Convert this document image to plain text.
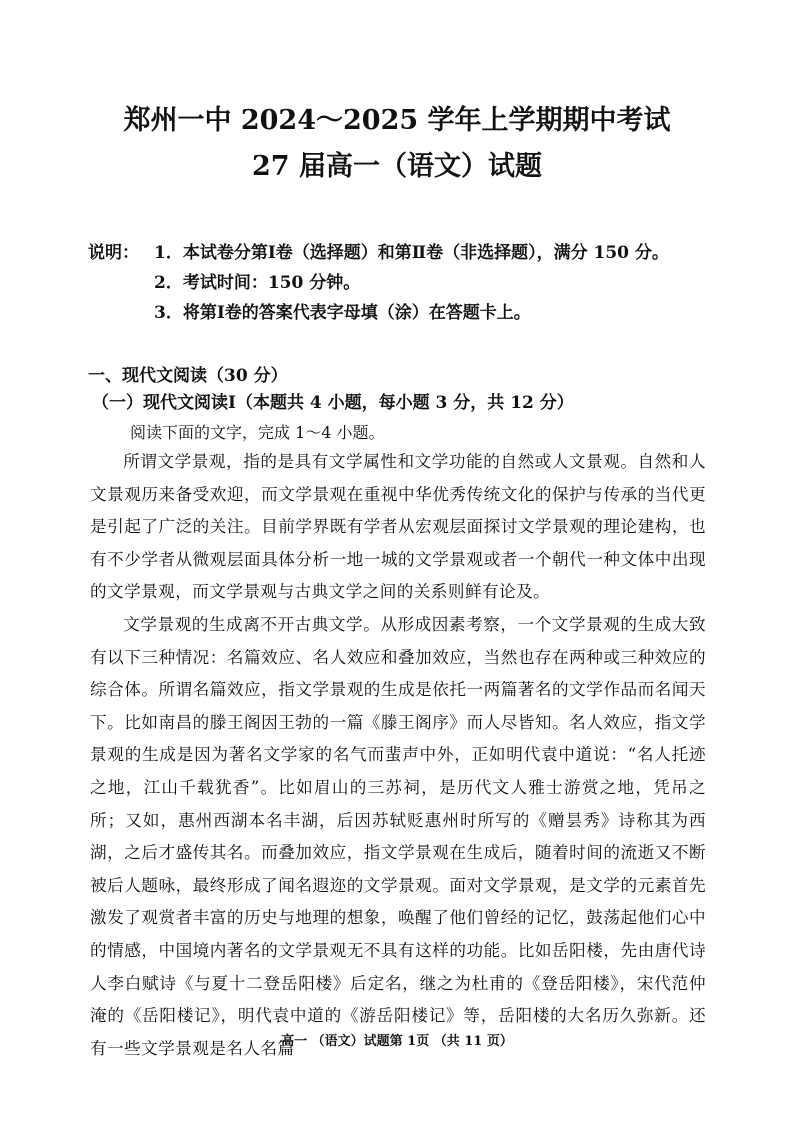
郑州一中 2024～2025 学年上学期期中考试
27 届高一（语文）试题
说明： 1．本试卷分第Ⅰ卷（选择题）和第Ⅱ卷（非选择题），满分 150 分。
2．考试时间：150 分钟。
3．将第Ⅰ卷的答案代表字母填（涂）在答题卡上。
一、现代文阅读（30 分）
（一）现代文阅读Ⅰ（本题共 4 小题，每小题 3 分，共 12 分）
阅读下面的文字，完成 1～4 小题。

所谓文学景观，指的是具有文学属性和文学功能的自然或人文景观。自然和人文景观历来备受欢迎，而文学景观在重视中华优秀传统文化的保护与传承的当代更是引起了广泛的关注。目前学界既有学者从宏观层面探讨文学景观的理论建构，也有不少学者从微观层面具体分析一地一城的文学景观或者一个朝代一种文体中出现的文学景观，而文学景观与古典文学之间的关系则鲜有论及。

文学景观的生成离不开古典文学。从形成因素考察，一个文学景观的生成大致有以下三种情况：名篇效应、名人效应和叠加效应，当然也存在两种或三种效应的综合体。所谓名篇效应，指文学景观的生成是依托一两篇著名的文学作品而名闻天下。比如南昌的滕王阁因王勃的一篇《滕王阁序》而人尽皆知。名人效应，指文学景观的生成是因为著名文学家的名气而蜚声中外，正如明代袁中道说：“名人托迹之地，江山千载犹香”。比如眉山的三苏祠，是历代文人雅士游赏之地，凭吊之所；又如，惠州西湖本名丰湖，后因苏轼贬惠州时所写的《赠昙秀》诗称其为西湖，之后才盛传其名。而叠加效应，指文学景观在生成后，随着时间的流逝又不断被后人题咏，最终形成了闻名遐迩的文学景观。面对文学景观，是文学的元素首先激发了观赏者丰富的历史与地理的想象，唤醒了他们曾经的记忆，鼓荡起他们心中的情感，中国境内著名的文学景观无不具有这样的功能。比如岳阳楼，先由唐代诗人李白赋诗《与夏十二登岳阳楼》后定名，继之为杜甫的《登岳阳楼》，宋代范仲淹的《岳阳楼记》，明代袁中道的《游岳阳楼记》等，岳阳楼的大名历久弥新。还有一些文学景观是名人名篇

高一 （语文）试题第 1页 （共 11 页）
